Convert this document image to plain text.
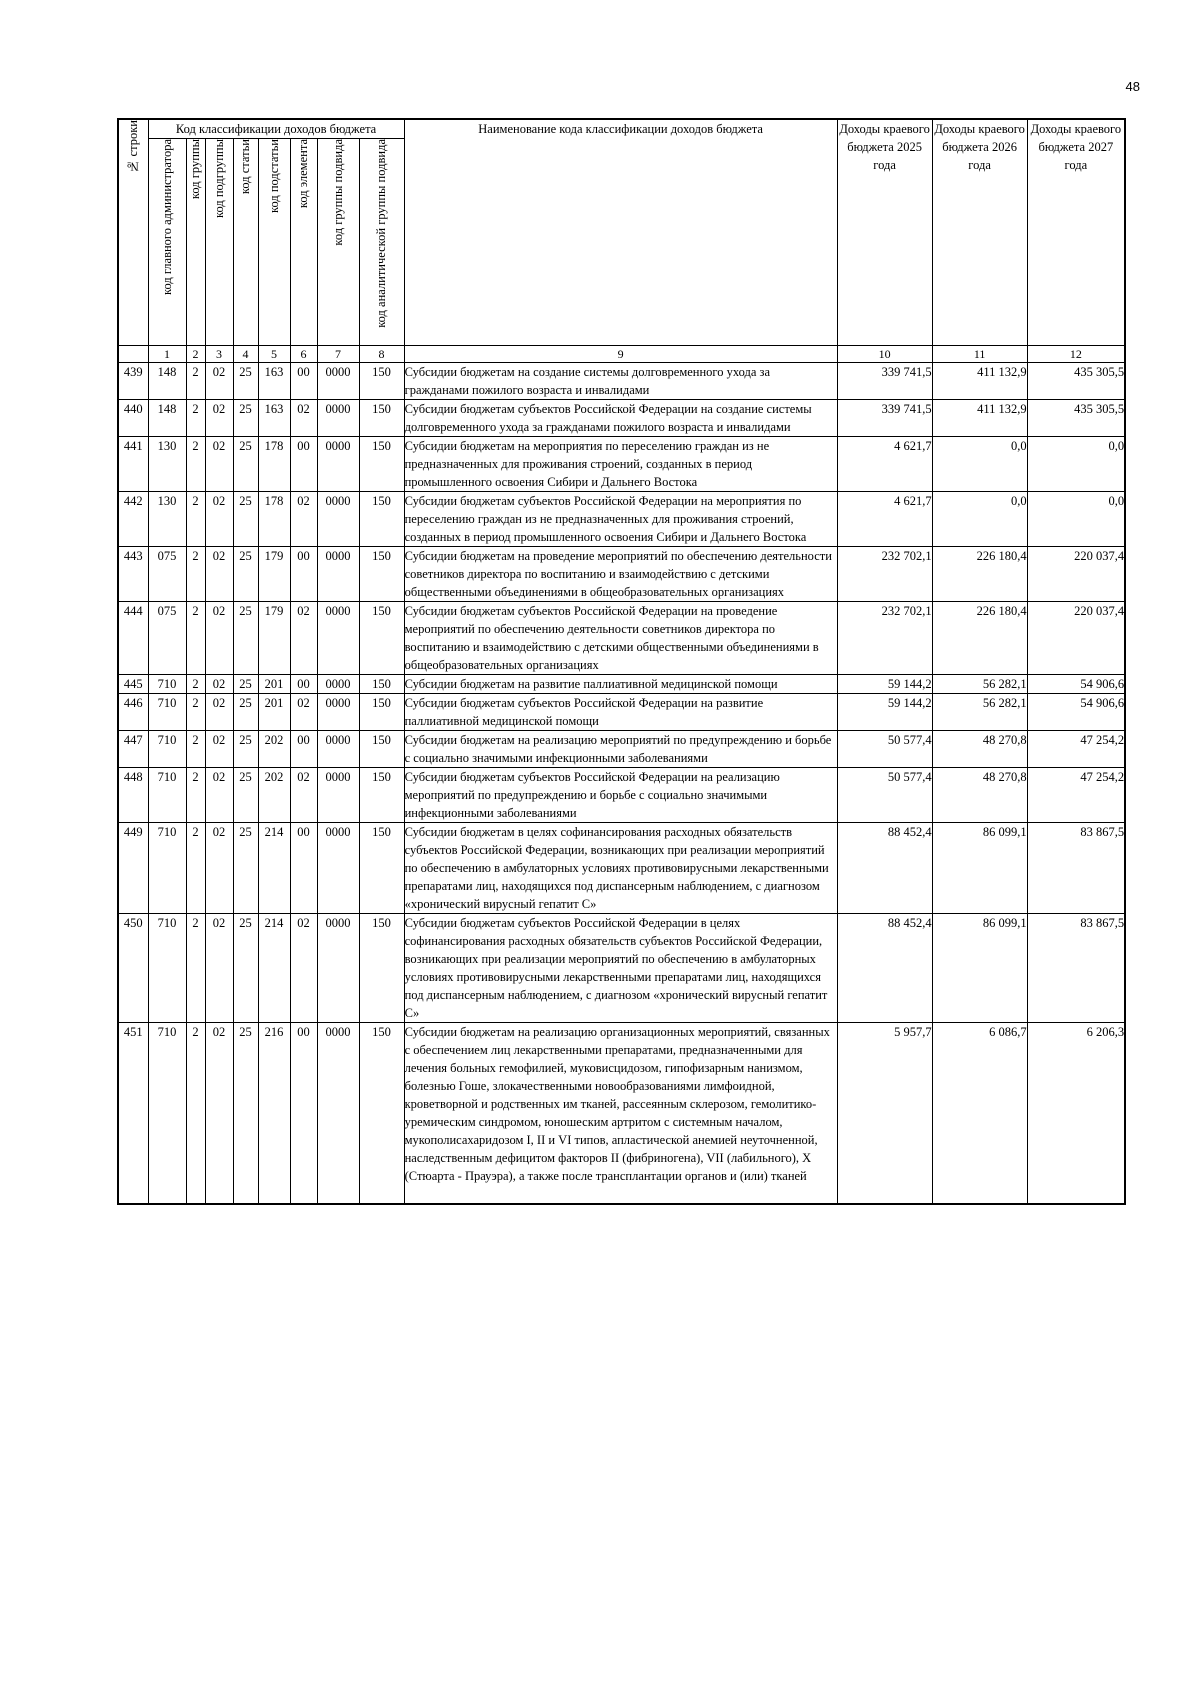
48
№ строки	Код классификации доходов бюджета								Наименование кода классификации доходов бюджета	Доходы краевого бюджета 2025 года	Доходы краевого бюджета 2026 года	Доходы краевого бюджета 2027 года
	код главного администратора	код группы	код подгруппы	код статьи	код подстатьи	код элемента	код группы подвида	код аналитической группы подвида				
	1	2	3	4	5	6	7	8	9	10	11	12
439	148	2	02	25	163	00	0000	150	Субсидии бюджетам на создание системы долговременного ухода за гражданами пожилого возраста и инвалидами	339 741,5	411 132,9	435 305,5
440	148	2	02	25	163	02	0000	150	Субсидии бюджетам субъектов Российской Федерации на создание системы долговременного ухода за гражданами пожилого возраста и инвалидами	339 741,5	411 132,9	435 305,5
441	130	2	02	25	178	00	0000	150	Субсидии бюджетам на мероприятия по переселению граждан из не предназначенных для проживания строений, созданных в период промышленного освоения Сибири и Дальнего Востока	4 621,7	0,0	0,0
442	130	2	02	25	178	02	0000	150	Субсидии бюджетам субъектов Российской Федерации на мероприятия по переселению граждан из не предназначенных для проживания строений, созданных в период промышленного освоения Сибири и Дальнего Востока	4 621,7	0,0	0,0
443	075	2	02	25	179	00	0000	150	Субсидии бюджетам на проведение мероприятий по обеспечению деятельности советников директора по воспитанию и взаимодействию с детскими общественными объединениями в общеобразовательных организациях	232 702,1	226 180,4	220 037,4
444	075	2	02	25	179	02	0000	150	Субсидии бюджетам субъектов Российской Федерации на проведение мероприятий по обеспечению деятельности советников директора по воспитанию и взаимодействию с детскими общественными объединениями в общеобразовательных организациях	232 702,1	226 180,4	220 037,4
445	710	2	02	25	201	00	0000	150	Субсидии бюджетам на развитие паллиативной медицинской помощи	59 144,2	56 282,1	54 906,6
446	710	2	02	25	201	02	0000	150	Субсидии бюджетам субъектов Российской Федерации на развитие паллиативной медицинской помощи	59 144,2	56 282,1	54 906,6
447	710	2	02	25	202	00	0000	150	Субсидии бюджетам на реализацию мероприятий по предупреждению и борьбе с социально значимыми инфекционными заболеваниями	50 577,4	48 270,8	47 254,2
448	710	2	02	25	202	02	0000	150	Субсидии бюджетам субъектов Российской Федерации на реализацию мероприятий по предупреждению и борьбе с социально значимыми инфекционными заболеваниями	50 577,4	48 270,8	47 254,2
449	710	2	02	25	214	00	0000	150	Субсидии бюджетам в целях софинансирования расходных обязательств субъектов Российской Федерации, возникающих при реализации мероприятий по обеспечению в амбулаторных условиях противовирусными лекарственными препаратами лиц, находящихся под диспансерным наблюдением, с диагнозом «хронический вирусный гепатит С»	88 452,4	86 099,1	83 867,5
450	710	2	02	25	214	02	0000	150	Субсидии бюджетам субъектов Российской Федерации в целях софинансирования расходных обязательств субъектов Российской Федерации, возникающих при реализации мероприятий по обеспечению в амбулаторных условиях противовирусными лекарственными препаратами лиц, находящихся под диспансерным наблюдением, с диагнозом «хронический вирусный гепатит С»	88 452,4	86 099,1	83 867,5
451	710	2	02	25	216	00	0000	150	Субсидии бюджетам на реализацию организационных мероприятий, связанных с обеспечением лиц лекарственными препаратами, предназначенными для лечения больных гемофилией, муковисцидозом, гипофизарным нанизмом, болезнью Гоше, злокачественными новообразованиями лимфоидной, кроветворной и родственных им тканей, рассеянным склерозом, гемолитико-уремическим синдромом, юношеским артритом с системным началом, мукополисахаридозом I, II и VI типов, апластической анемией неуточненной, наследственным дефицитом факторов II (фибриногена), VII (лабильного), X (Стюарта - Прауэра), а также после трансплантации органов и (или) тканей	5 957,7	6 086,7	6 206,3
